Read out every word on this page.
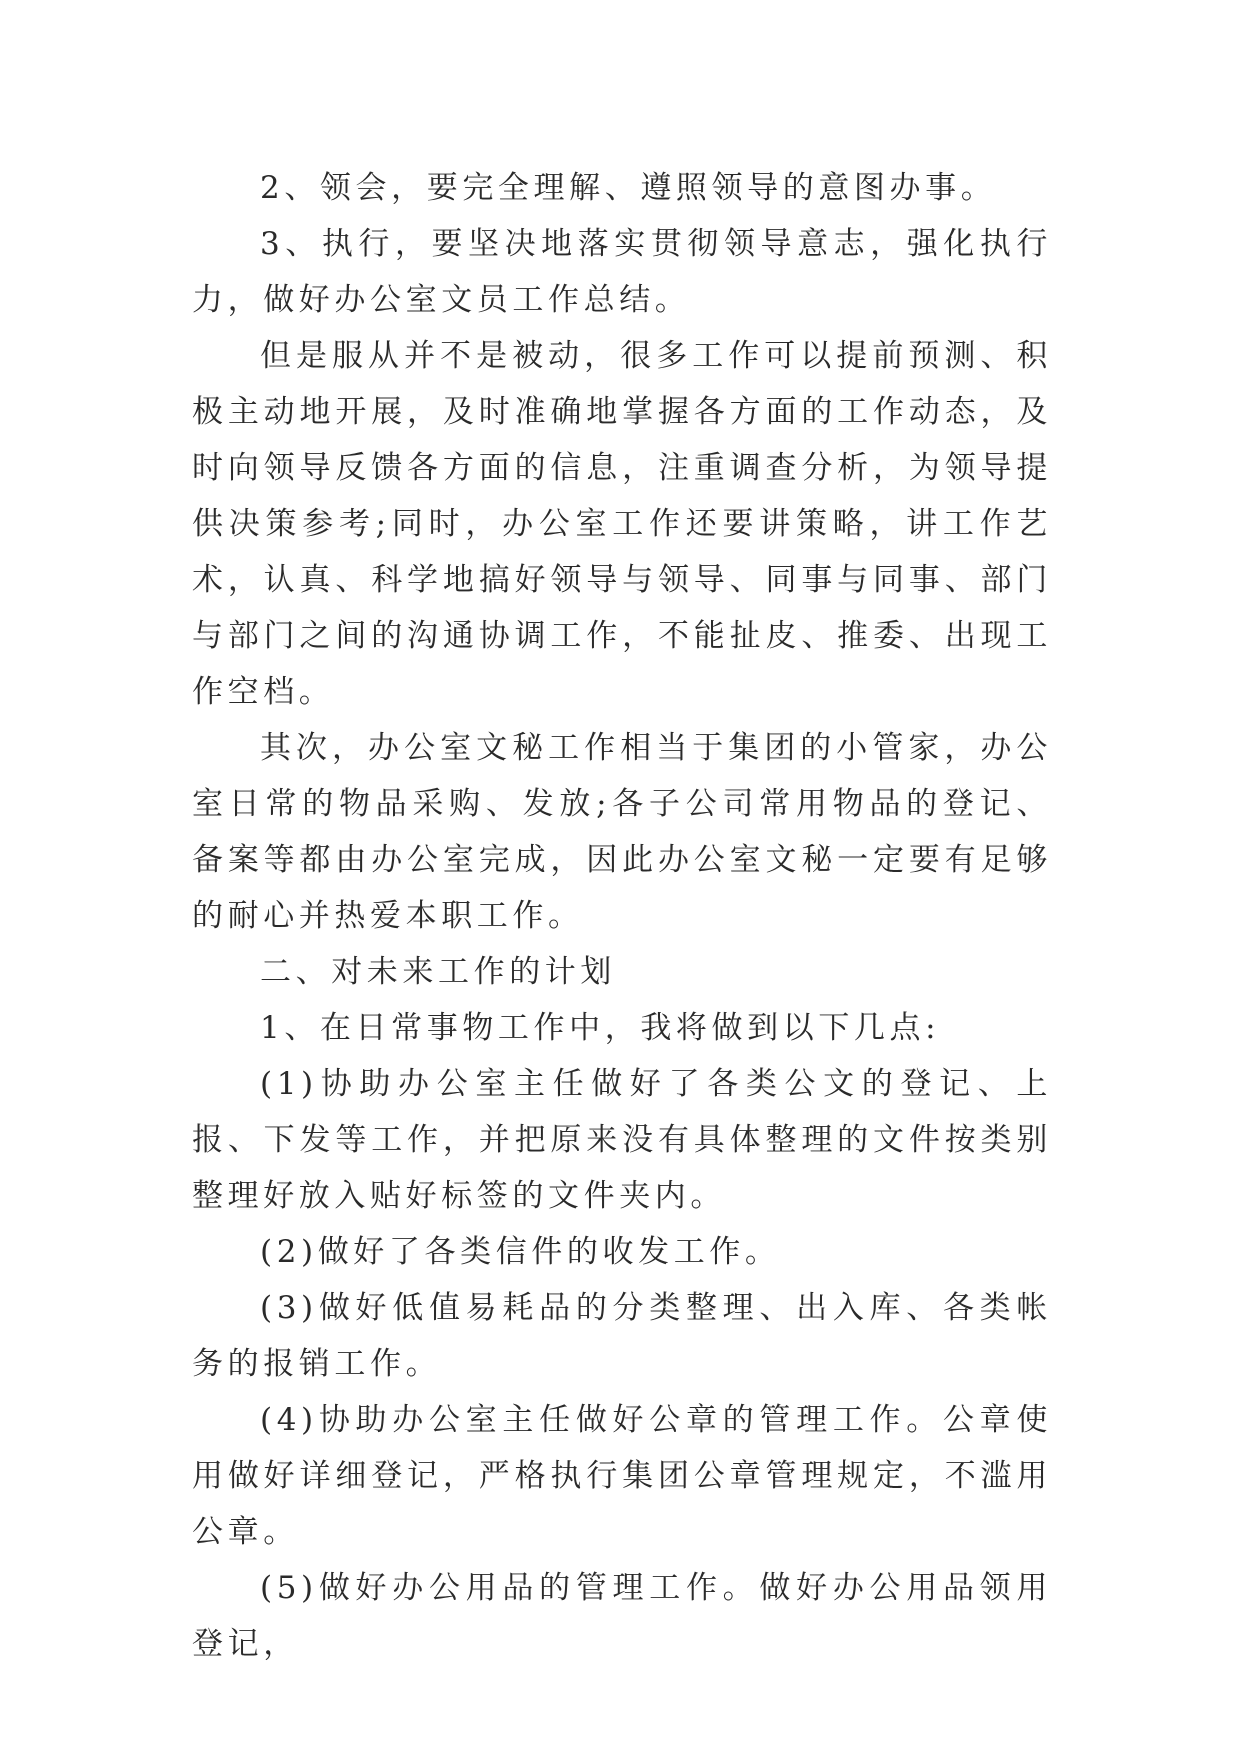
2、领会，要完全理解、遵照领导的意图办事。

3、执行，要坚决地落实贯彻领导意志，强化执行力，做好办公室文员工作总结。

但是服从并不是被动，很多工作可以提前预测、积极主动地开展，及时准确地掌握各方面的工作动态，及时向领导反馈各方面的信息，注重调查分析，为领导提供决策参考;同时，办公室工作还要讲策略，讲工作艺术，认真、科学地搞好领导与领导、同事与同事、部门与部门之间的沟通协调工作，不能扯皮、推委、出现工作空档。

其次，办公室文秘工作相当于集团的小管家，办公室日常的物品采购、发放;各子公司常用物品的登记、备案等都由办公室完成，因此办公室文秘一定要有足够的耐心并热爱本职工作。

二、对未来工作的计划

1、在日常事物工作中，我将做到以下几点:

(1)协助办公室主任做好了各类公文的登记、上报、下发等工作，并把原来没有具体整理的文件按类别整理好放入贴好标签的文件夹内。

(2)做好了各类信件的收发工作。

(3)做好低值易耗品的分类整理、出入库、各类帐务的报销工作。

(4)协助办公室主任做好公章的管理工作。公章使用做好详细登记，严格执行集团公章管理规定，不滥用公章。

(5)做好办公用品的管理工作。做好办公用品领用登记，
